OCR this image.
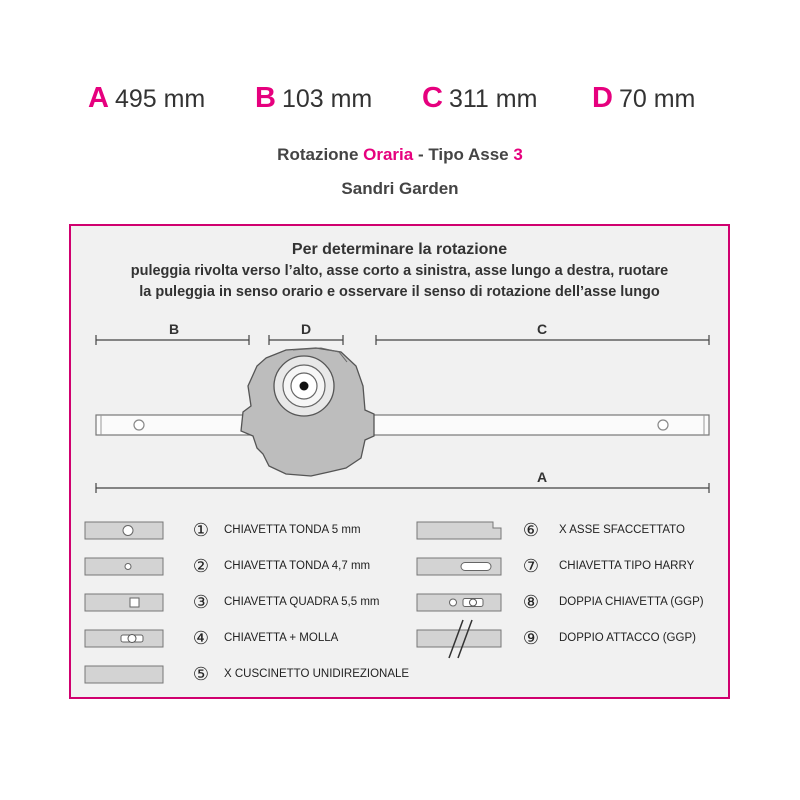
A 495 mm B 103 mm C 311 mm D 70 mm
Rotazione Oraria - Tipo Asse 3
Sandri Garden
Per determinare la rotazione

puleggia rivolta verso l’alto, asse corto a sinistra, asse lungo a destra, ruotare

la puleggia in senso orario e osservare il senso di rotazione dell’asse lungo

B	D	C
A
①
②
③
④
⑤
⑥
⑦
⑧
⑨
CHIAVETTA TONDA 5 mm
CHIAVETTA TONDA 4,7 mm
CHIAVETTA QUADRA 5,5 mm
CHIAVETTA + MOLLA
X CUSCINETTO UNIDIREZIONALE
X ASSE SFACCETTATO
CHIAVETTA TIPO HARRY
DOPPIA CHIAVETTA (GGP)
DOPPIO ATTACCO (GGP)
